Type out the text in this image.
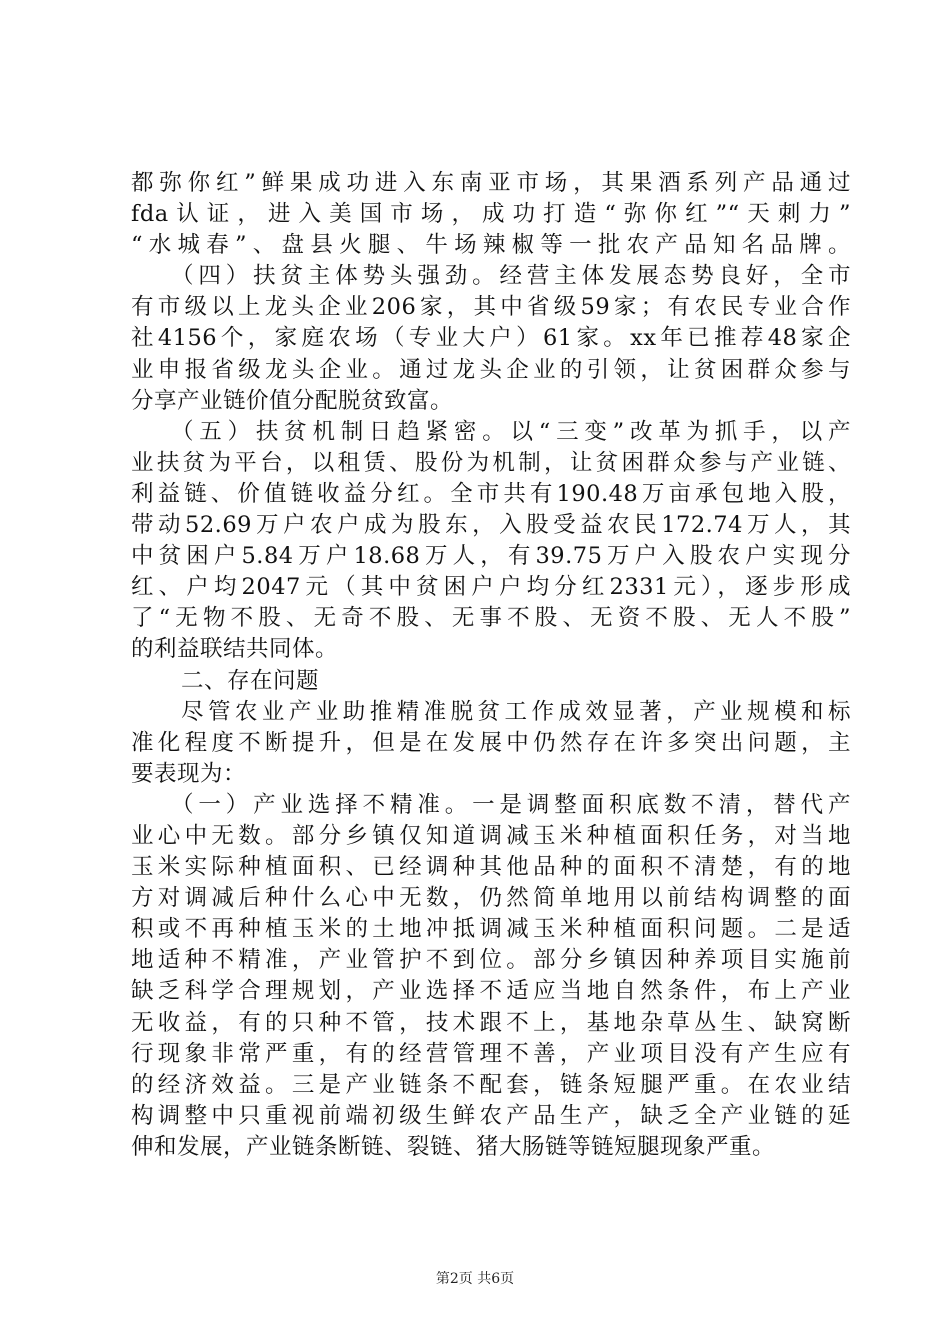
都弥你红”鲜果成功进入东南亚市场，其果酒系列产品通过
fda认证，进入美国市场，成功打造“弥你红”“天刺力”
“水城春”、盘县火腿、牛场辣椒等一批农产品知名品牌。
（四）扶贫主体势头强劲。经营主体发展态势良好，全市
有市级以上龙头企业206家，其中省级59家；有农民专业合作
社4156个，家庭农场（专业大户）61家。xx年已推荐48家企
业申报省级龙头企业。通过龙头企业的引领，让贫困群众参与
分享产业链价值分配脱贫致富。
（五）扶贫机制日趋紧密。以“三变”改革为抓手，以产
业扶贫为平台，以租赁、股份为机制，让贫困群众参与产业链、
利益链、价值链收益分红。全市共有190.48万亩承包地入股，
带动52.69万户农户成为股东，入股受益农民172.74万人，其
中贫困户5.84万户18.68万人，有39.75万户入股农户实现分
红、户均2047元（其中贫困户户均分红2331元），逐步形成
了“无物不股、无奇不股、无事不股、无资不股、无人不股”
的利益联结共同体。
二、存在问题
尽管农业产业助推精准脱贫工作成效显著，产业规模和标
准化程度不断提升，但是在发展中仍然存在许多突出问题，主
要表现为：
（一）产业选择不精准。一是调整面积底数不清，替代产
业心中无数。部分乡镇仅知道调减玉米种植面积任务，对当地
玉米实际种植面积、已经调种其他品种的面积不清楚，有的地
方对调减后种什么心中无数，仍然简单地用以前结构调整的面
积或不再种植玉米的土地冲抵调减玉米种植面积问题。二是适
地适种不精准，产业管护不到位。部分乡镇因种养项目实施前
缺乏科学合理规划，产业选择不适应当地自然条件，布上产业
无收益，有的只种不管，技术跟不上，基地杂草丛生、缺窝断
行现象非常严重，有的经营管理不善，产业项目没有产生应有
的经济效益。三是产业链条不配套，链条短腿严重。在农业结
构调整中只重视前端初级生鲜农产品生产，缺乏全产业链的延
伸和发展，产业链条断链、裂链、猪大肠链等链短腿现象严重。
第2页 共6页
